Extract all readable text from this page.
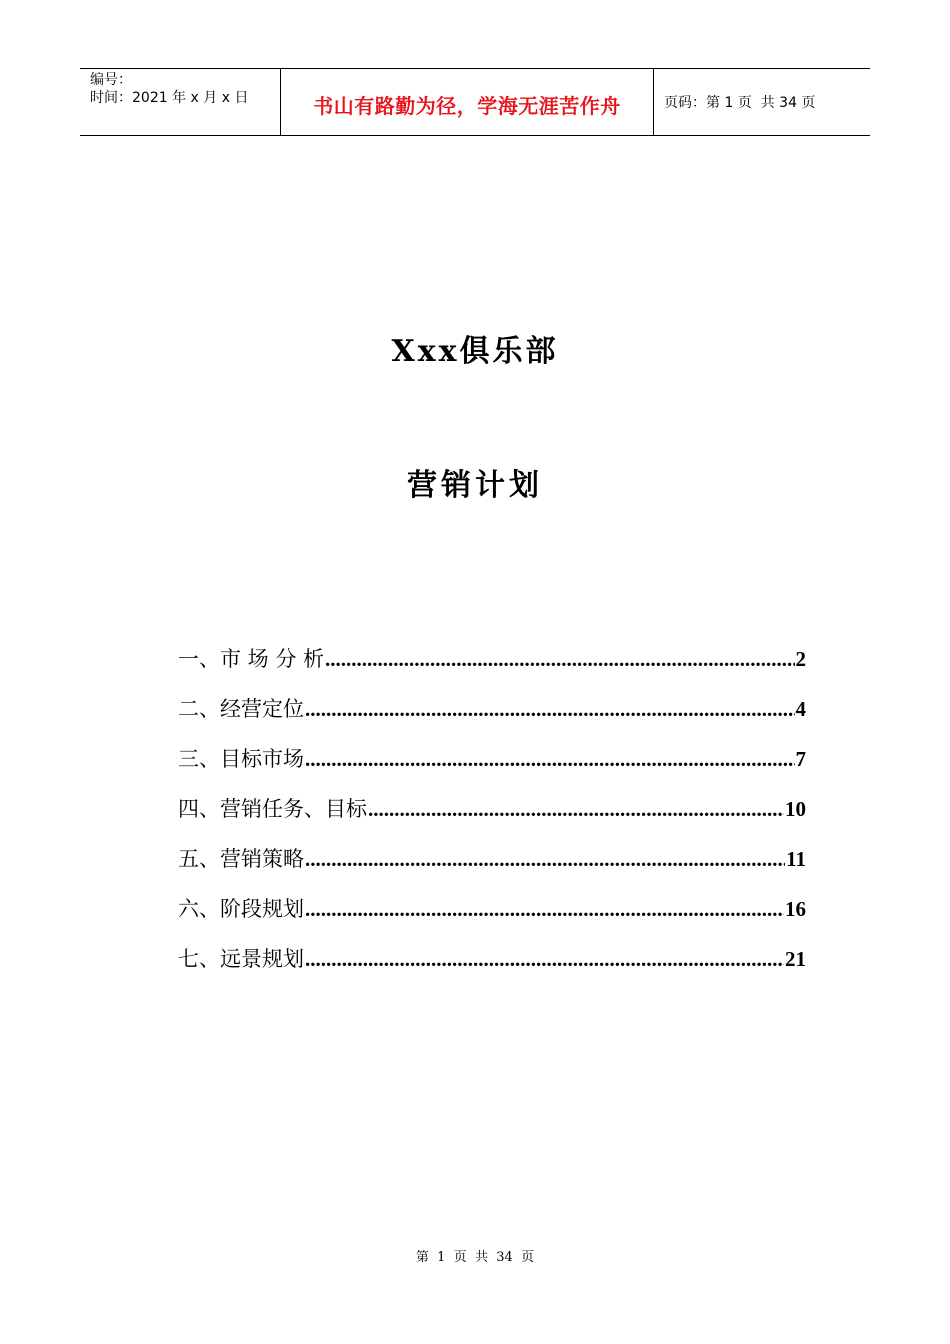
编号：
时间：2021 年 x 月 x 日	书山有路勤为径，学海无涯苦作舟	页码：第 1 页  共 34 页
Xxx俱乐部
营销计划
一、市 场 分 析 .....	2
二、经营定位 .....	4
三、目标市场 .....	7
四、营销任务、目标 .....	10
五、营销策略 .....	11
六、阶段规划 .....	16
七、远景规划 .....	21
第  1  页  共  34  页
